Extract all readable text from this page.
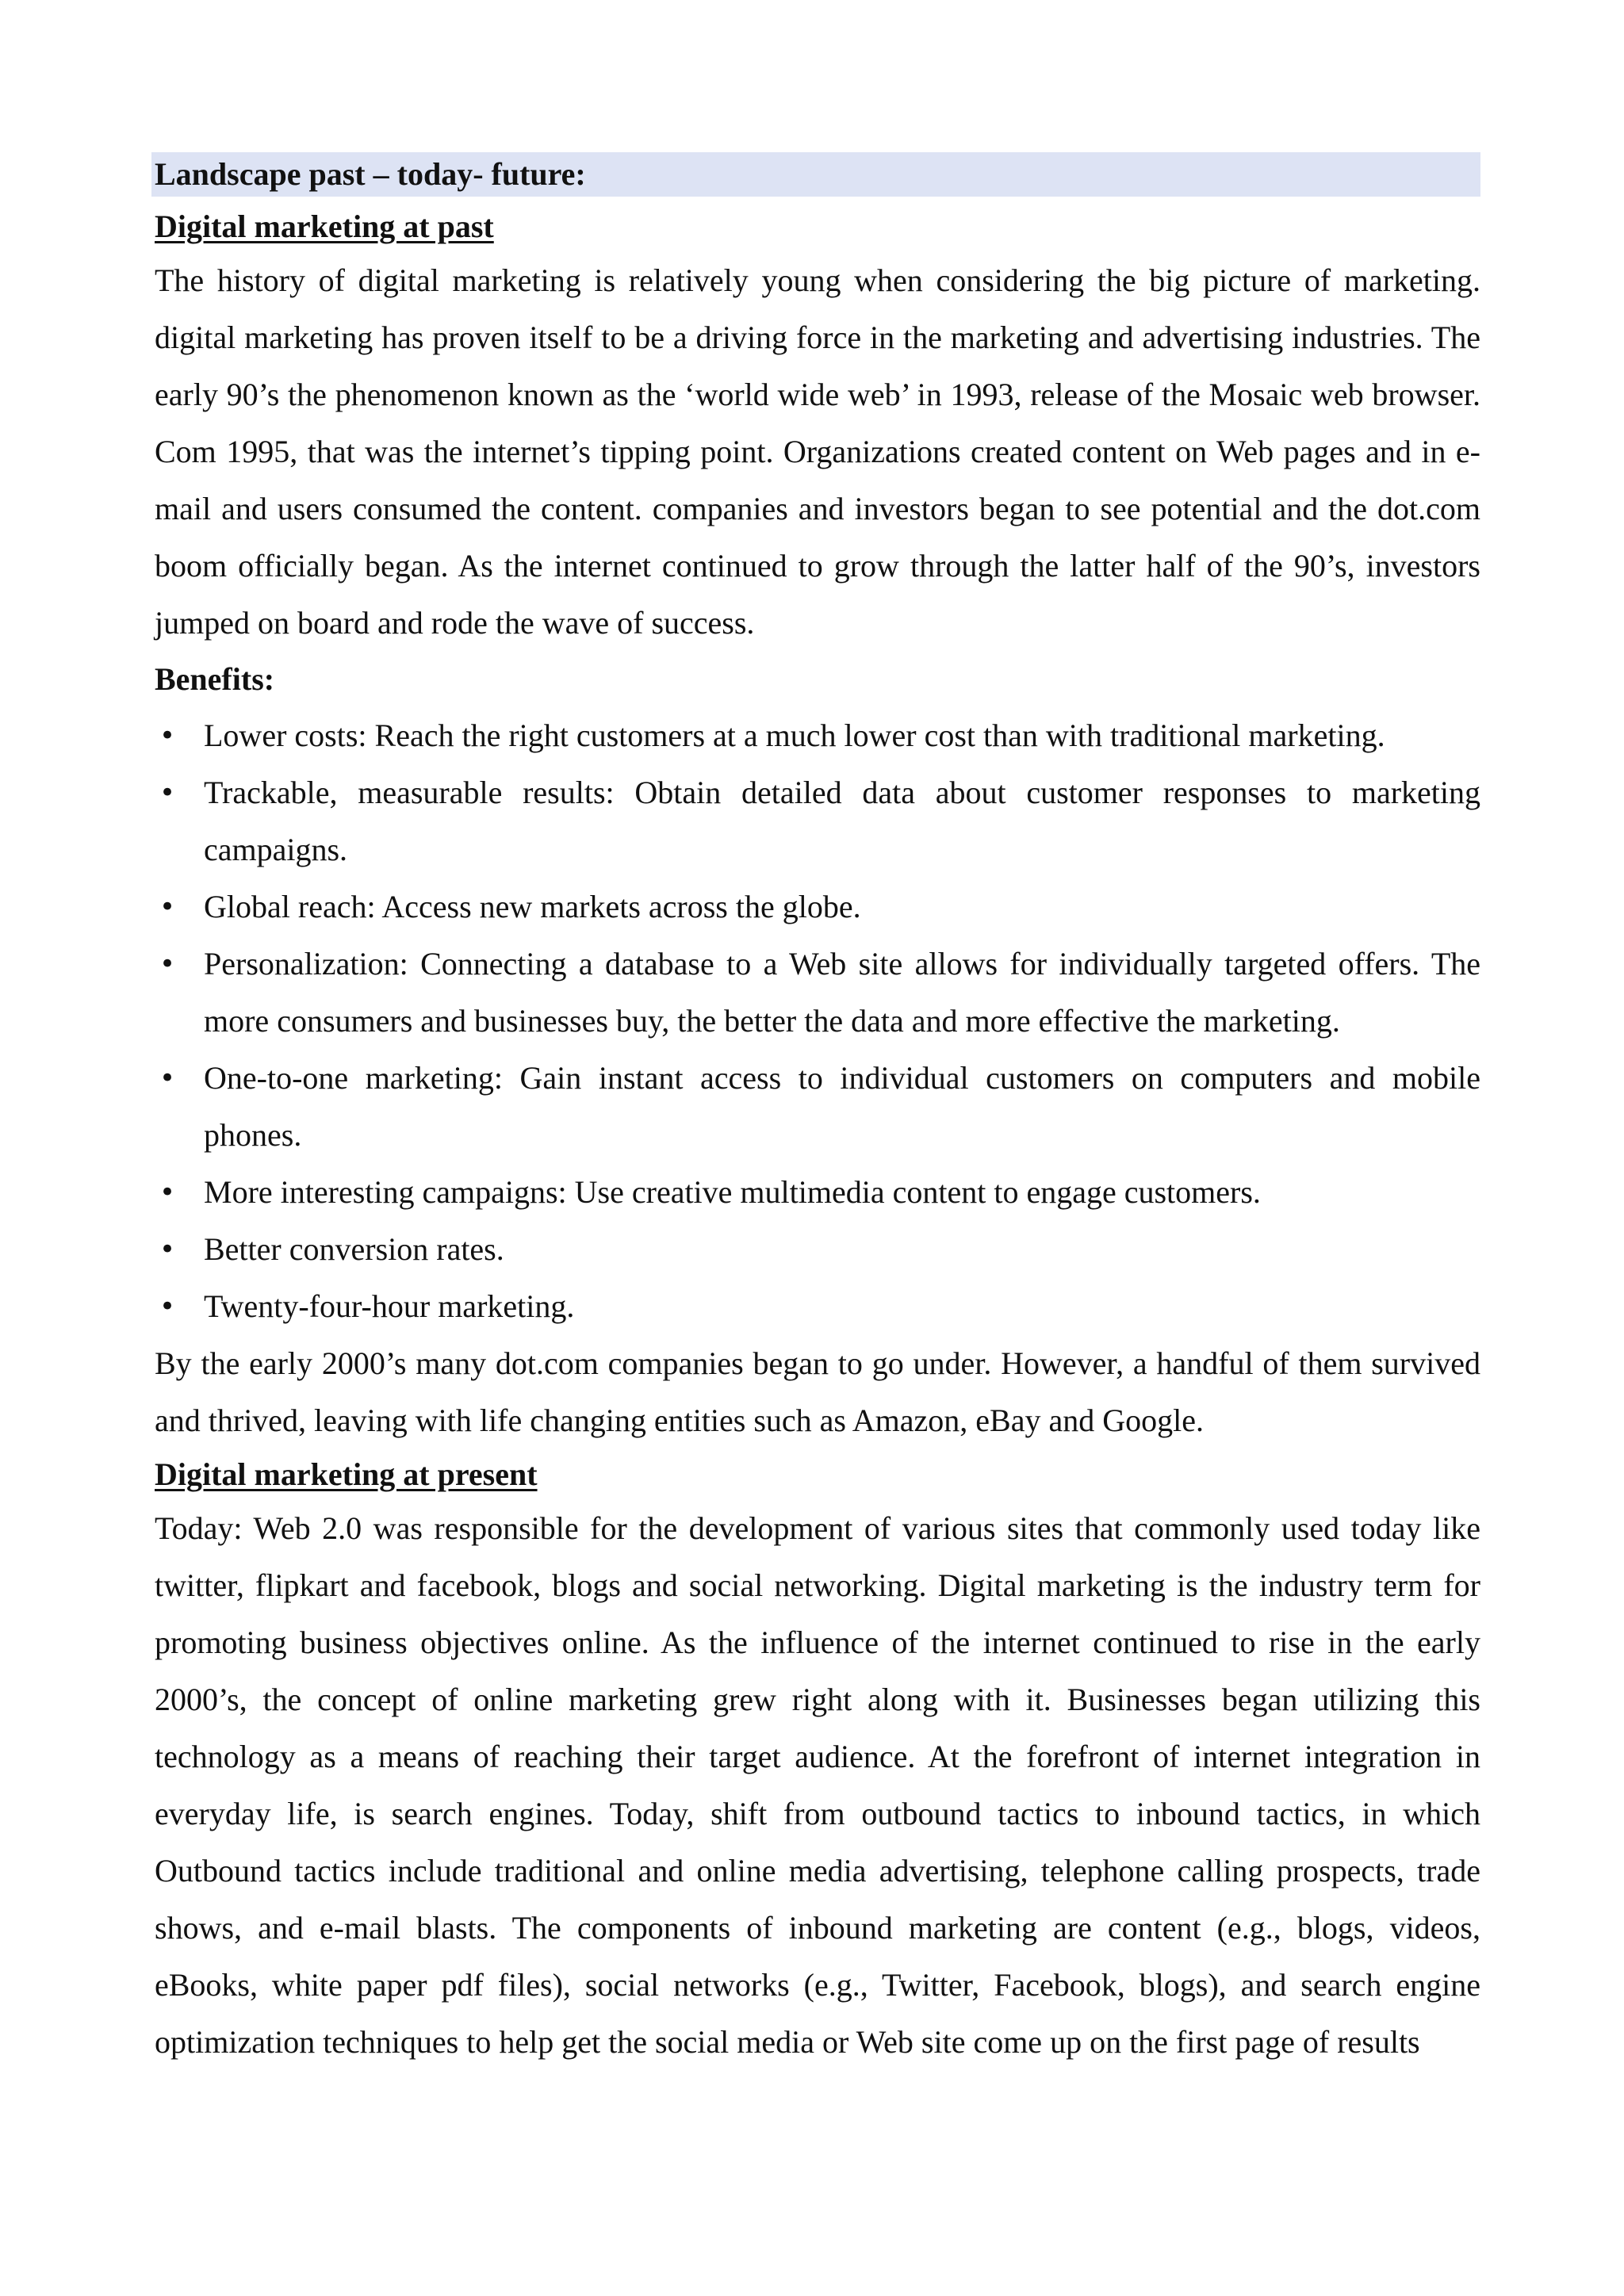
Landscape past – today- future:
Digital marketing at past

The history of digital marketing is relatively young when considering the big picture of marketing. digital marketing has proven itself to be a driving force in the marketing and advertising industries. The early 90’s the phenomenon known as the ‘world wide web’ in 1993, release of the Mosaic web browser. Com 1995, that was the internet’s tipping point. Organizations created content on Web pages and in e-mail and users consumed the content. companies and investors began to see potential and the dot.com boom officially began. As the internet continued to grow through the latter half of the 90’s, investors jumped on board and rode the wave of success.

Benefits:
• Lower costs: Reach the right customers at a much lower cost than with traditional marketing.
• Trackable, measurable results: Obtain detailed data about customer responses to marketing campaigns.
• Global reach: Access new markets across the globe.
• Personalization: Connecting a database to a Web site allows for individually targeted offers. The more consumers and businesses buy, the better the data and more effective the marketing.
• One-to-one marketing: Gain instant access to individual customers on computers and mobile phones.
• More interesting campaigns: Use creative multimedia content to engage customers.
• Better conversion rates.
• Twenty-four-hour marketing.

By the early 2000’s many dot.com companies began to go under. However, a handful of them survived and thrived, leaving with life changing entities such as Amazon, eBay and Google.

Digital marketing at present

Today: Web 2.0 was responsible for the development of various sites that commonly used today like twitter, flipkart and facebook, blogs and social networking. Digital marketing is the industry term for promoting business objectives online. As the influence of the internet continued to rise in the early 2000’s, the concept of online marketing grew right along with it. Businesses began utilizing this technology as a means of reaching their target audience. At the forefront of internet integration in everyday life, is search engines. Today, shift from outbound tactics to inbound tactics, in which Outbound tactics include traditional and online media advertising, telephone calling prospects, trade shows, and e-mail blasts. The components of inbound marketing are content (e.g., blogs, videos, eBooks, white paper pdf files), social networks (e.g., Twitter, Facebook, blogs), and search engine optimization techniques to help get the social media or Web site come up on the first page of results
